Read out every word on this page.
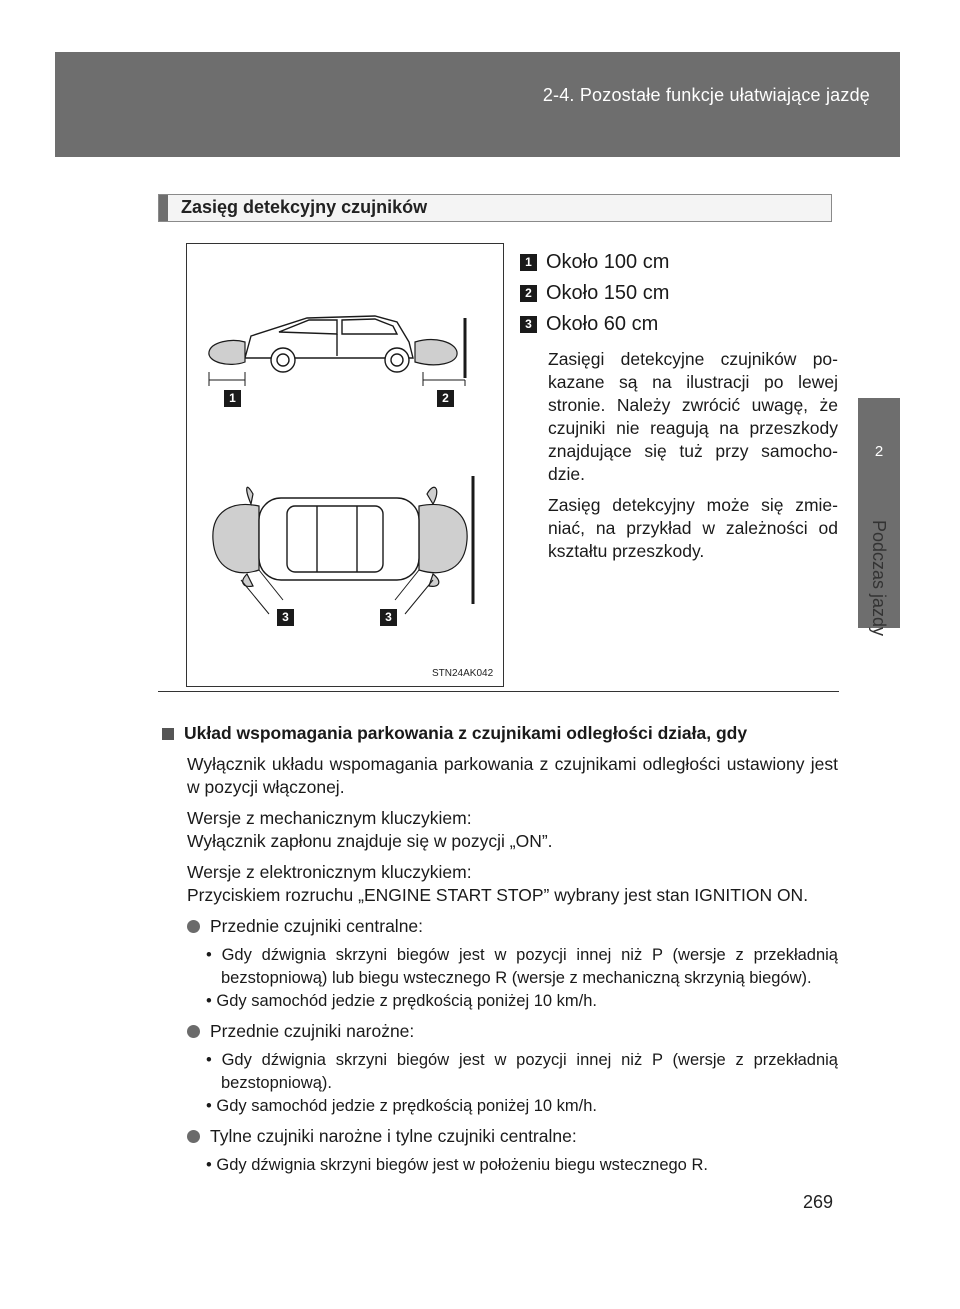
2-4. Pozostałe funkcje ułatwiające jazdę
2
Podczas jazdy
Zasięg detekcyjny czujników
1	2
3	3
STN24AK042
1 Około 100 cm
2 Około 150 cm
3 Około 60 cm

Zasięgi detekcyjne czujników po-kazane są na ilustracji po lewej stronie. Należy zwrócić uwagę, że czujniki nie reagują na przeszkody znajdujące się tuż przy samocho-dzie.

Zasięg detekcyjny może się zmie-niać, na przykład w zależności od kształtu przeszkody.

Układ wspomagania parkowania z czujnikami odległości działa, gdy

Wyłącznik układu wspomagania parkowania z czujnikami odległości ustawiony jest w pozycji włączonej.

Wersje z mechanicznym kluczykiem:
Wyłącznik zapłonu znajduje się w pozycji „ON”.

Wersje z elektronicznym kluczykiem:
Przyciskiem rozruchu „ENGINE START STOP” wybrany jest stan IGNITION ON.

Przednie czujniki centralne:
• Gdy dźwignia skrzyni biegów jest w pozycji innej niż P (wersje z przekładnią bezstopniową) lub biegu wstecznego R (wersje z mechaniczną skrzynią biegów).
• Gdy samochód jedzie z prędkością poniżej 10 km/h.
Przednie czujniki narożne:
• Gdy dźwignia skrzyni biegów jest w pozycji innej niż P (wersje z przekładnią bezstopniową).
• Gdy samochód jedzie z prędkością poniżej 10 km/h.
Tylne czujniki narożne i tylne czujniki centralne:
• Gdy dźwignia skrzyni biegów jest w położeniu biegu wstecznego R.
269
